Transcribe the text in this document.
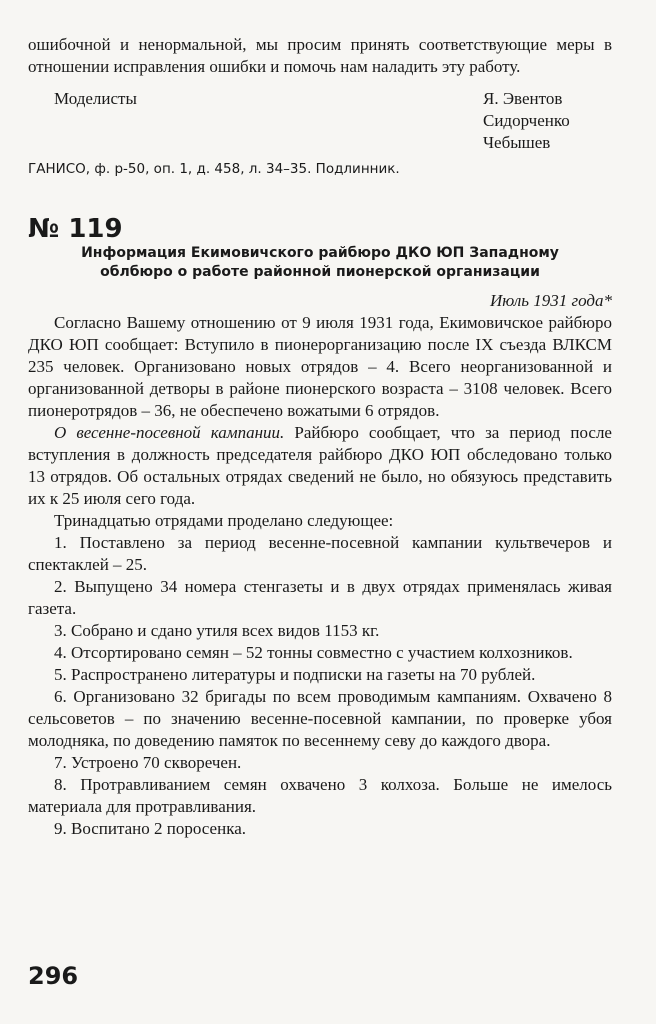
ошибочной и ненормальной, мы просим принять соответствующие меры в отношении исправления ошибки и помочь нам наладить эту работу.

Моделисты	Я. Эвентов
Сидорченко
Чебышев
ГАНИСО, ф. р-50, оп. 1, д. 458, л. 34–35. Подлинник.
№ 119
Информация Екимовичского райбюро ДКО ЮП Западному облбюро о работе районной пионерской организации
Июль 1931 года*

Согласно Вашему отношению от 9 июля 1931 года, Екимовичское райбюро ДКО ЮП сообщает: Вступило в пионерорганизацию после IX съезда ВЛКСМ 235 человек. Организовано новых отрядов – 4. Всего неорганизованной и организованной детворы в районе пионерского возраста – 3108 человек. Всего пионеротрядов – 36, не обеспечено вожатыми 6 отрядов.

О весенне-посевной кампании. Райбюро сообщает, что за период после вступления в должность председателя райбюро ДКО ЮП обследовано только 13 отрядов. Об остальных отрядах сведений не было, но обязуюсь представить их к 25 июля сего года.

Тринадцатью отрядами проделано следующее:

1. Поставлено за период весенне-посевной кампании культвечеров и спектаклей – 25.

2. Выпущено 34 номера стенгазеты и в двух отрядах применялась живая газета.

3. Собрано и сдано утиля всех видов 1153 кг.

4. Отсортировано семян – 52 тонны совместно с участием колхозников.

5. Распространено литературы и подписки на газеты на 70 рублей.

6. Организовано 32 бригады по всем проводимым кампаниям. Охвачено 8 сельсоветов – по значению весенне-посевной кампании, по проверке убоя молодняка, по доведению памяток по весеннему севу до каждого двора.

7. Устроено 70 скворечен.

8. Протравливанием семян охвачено 3 колхоза. Больше не имелось материала для протравливания.

9. Воспитано 2 поросенка.

296
